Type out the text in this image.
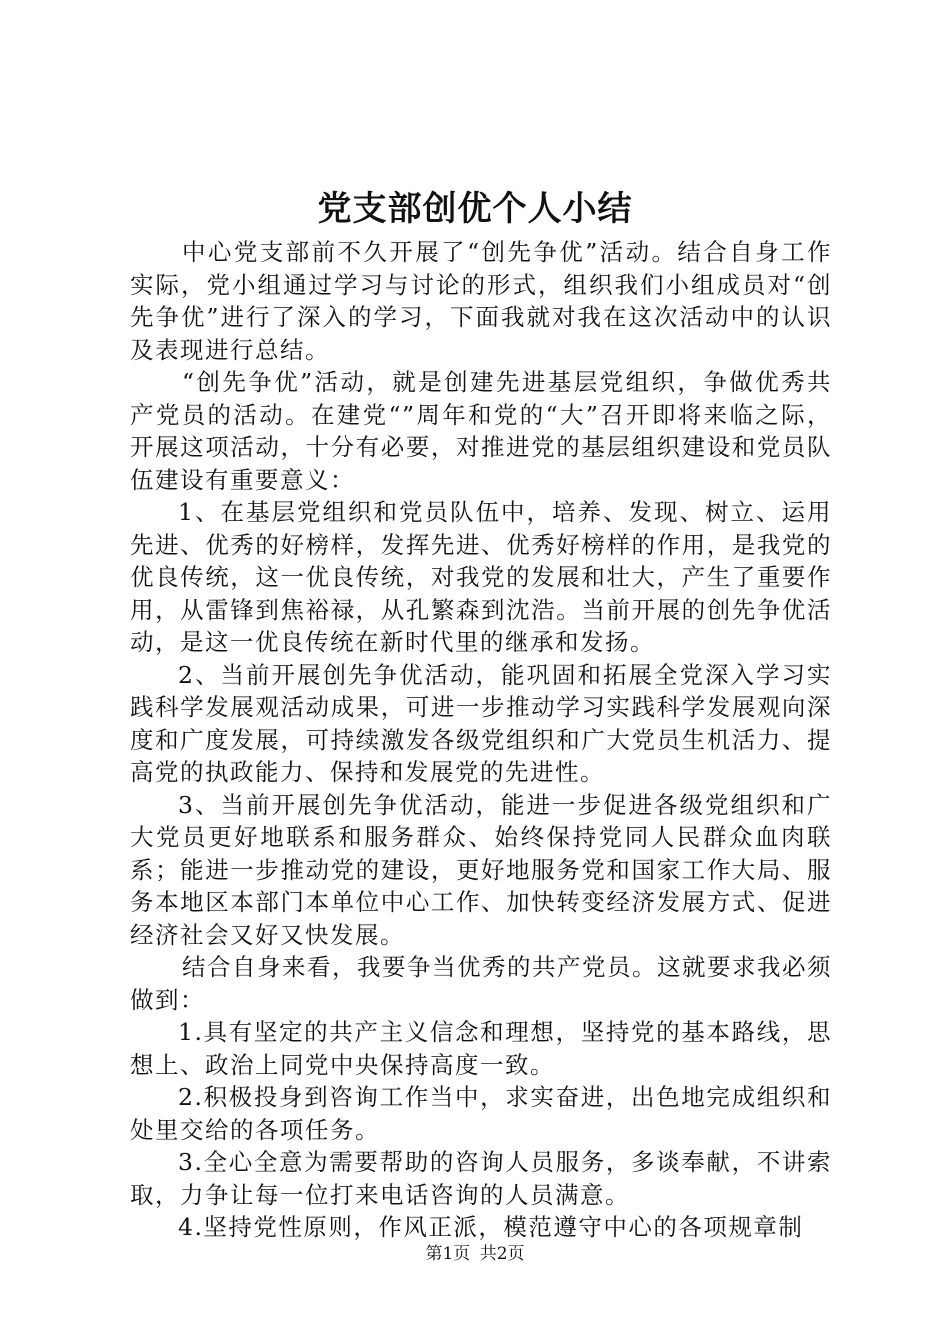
党支部创优个人小结

中心党支部前不久开展了“创先争优”活动。结合自身工作实际，党小组通过学习与讨论的形式，组织我们小组成员对“创先争优”进行了深入的学习，下面我就对我在这次活动中的认识及表现进行总结。

“创先争优”活动，就是创建先进基层党组织，争做优秀共产党员的活动。在建党“”周年和党的“大”召开即将来临之际，开展这项活动，十分有必要，对推进党的基层组织建设和党员队伍建设有重要意义：

1、在基层党组织和党员队伍中，培养、发现、树立、运用先进、优秀的好榜样，发挥先进、优秀好榜样的作用，是我党的优良传统，这一优良传统，对我党的发展和壮大，产生了重要作用，从雷锋到焦裕禄，从孔繁森到沈浩。当前开展的创先争优活动，是这一优良传统在新时代里的继承和发扬。

2、当前开展创先争优活动，能巩固和拓展全党深入学习实践科学发展观活动成果，可进一步推动学习实践科学发展观向深度和广度发展，可持续激发各级党组织和广大党员生机活力、提高党的执政能力、保持和发展党的先进性。

3、当前开展创先争优活动，能进一步促进各级党组织和广大党员更好地联系和服务群众、始终保持党同人民群众血肉联系；能进一步推动党的建设，更好地服务党和国家工作大局、服务本地区本部门本单位中心工作、加快转变经济发展方式、促进经济社会又好又快发展。

结合自身来看，我要争当优秀的共产党员。这就要求我必须做到：

1.具有坚定的共产主义信念和理想，坚持党的基本路线，思想上、政治上同党中央保持高度一致。

2.积极投身到咨询工作当中，求实奋进，出色地完成组织和处里交给的各项任务。

3.全心全意为需要帮助的咨询人员服务，多谈奉献，不讲索取，力争让每一位打来电话咨询的人员满意。

4.坚持党性原则，作风正派，模范遵守中心的各项规章制

第1页 共2页
